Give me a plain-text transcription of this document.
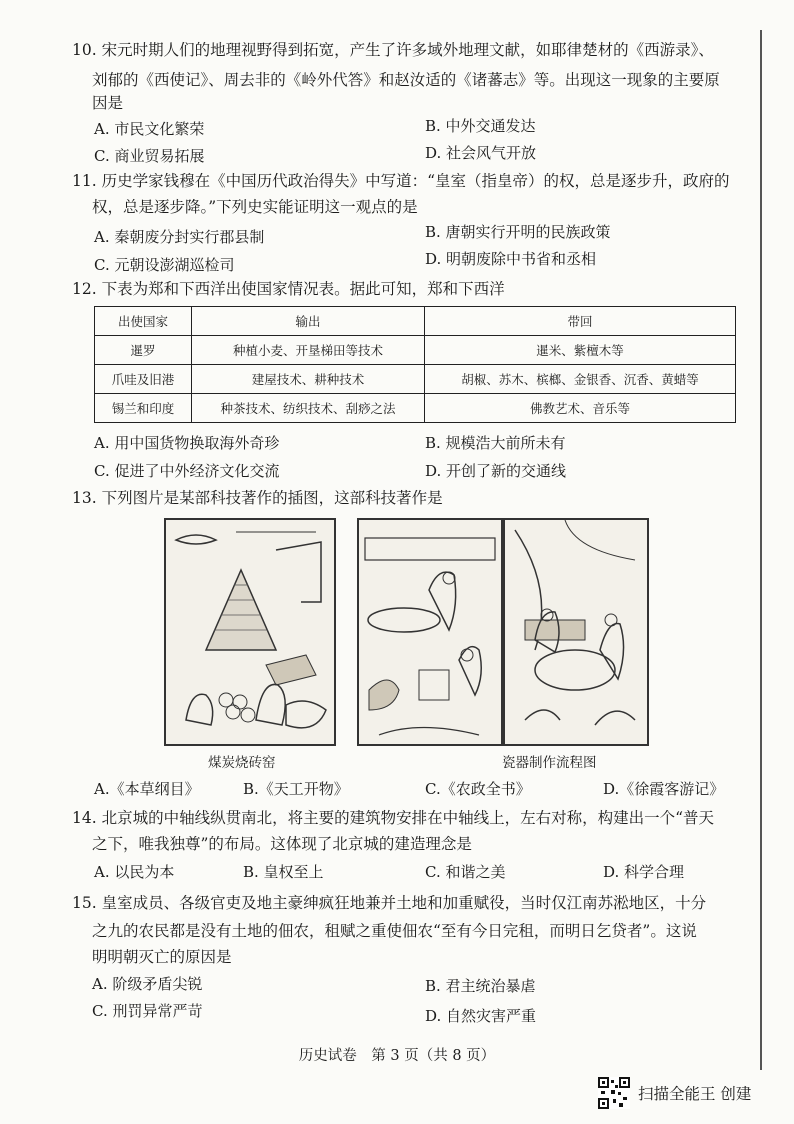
10. 宋元时期人们的地理视野得到拓宽，产生了许多域外地理文献，如耶律楚材的《西游录》、
刘郁的《西使记》、周去非的《岭外代答》和赵汝适的《诸蕃志》等。出现这一现象的主要原
因是
A. 市民文化繁荣	B. 中外交通发达
C. 商业贸易拓展	D. 社会风气开放
11. 历史学家钱穆在《中国历代政治得失》中写道：“皇室（指皇帝）的权，总是逐步升，政府的
权，总是逐步降。”下列史实能证明这一观点的是
A. 秦朝废分封实行郡县制	B. 唐朝实行开明的民族政策
C. 元朝设澎湖巡检司	D. 明朝废除中书省和丞相
12. 下表为郑和下西洋出使国家情况表。据此可知，郑和下西洋
出使国家	输出	带回
暹罗	种植小麦、开垦梯田等技术	暹米、紫檀木等
爪哇及旧港	建屋技术、耕种技术	胡椒、苏木、槟榔、金银香、沉香、黄蜡等
锡兰和印度	种茶技术、纺织技术、刮痧之法	佛教艺术、音乐等
A. 用中国货物换取海外奇珍	B. 规模浩大前所未有
C. 促进了中外经济文化交流	D. 开创了新的交通线
13. 下列图片是某部科技著作的插图，这部科技著作是
煤炭烧砖窑	瓷器制作流程图
A.《本草纲目》	B.《天工开物》	C.《农政全书》	D.《徐霞客游记》
14. 北京城的中轴线纵贯南北，将主要的建筑物安排在中轴线上，左右对称，构建出一个“普天
之下，唯我独尊”的布局。这体现了北京城的建造理念是
A. 以民为本	B. 皇权至上	C. 和谐之美	D. 科学合理
15. 皇室成员、各级官吏及地主豪绅疯狂地兼并土地和加重赋役，当时仅江南苏淞地区，十分
之九的农民都是没有土地的佃农，租赋之重使佃农“至有今日完租，而明日乞贷者”。这说
明明朝灭亡的原因是
A. 阶级矛盾尖锐	B. 君主统治暴虐
C. 刑罚异常严苛	D. 自然灾害严重
历史试卷　第 3 页（共 8 页）
扫描全能王 创建
